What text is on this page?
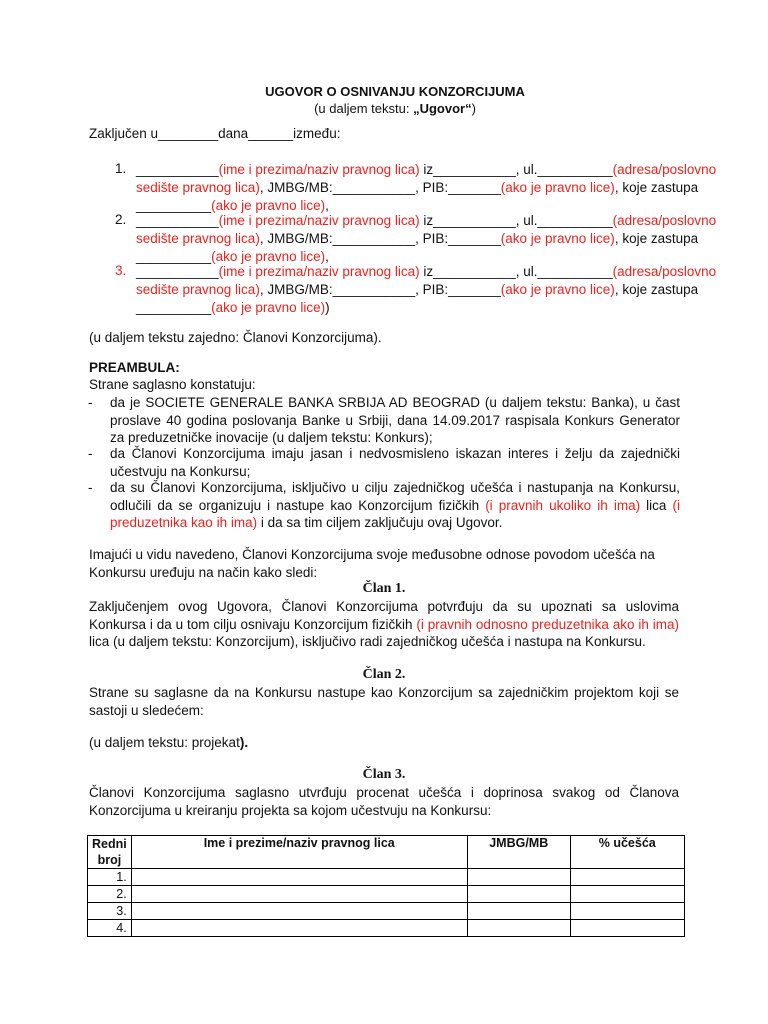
UGOVOR O OSNIVANJU KONZORCIJUMA
(u daljem tekstu: „Ugovor“)
Zaključen u________dana______između:
1. ___________(ime i prezima/naziv pravnog lica) iz___________, ul.__________(adresa/poslovno
sedište pravnog lica), JMBG/MB:___________, PIB:_______(ako je pravno lice), koje zastupa
__________(ako je pravno lice),
2. ___________(ime i prezima/naziv pravnog lica) iz___________, ul.__________(adresa/poslovno
sedište pravnog lica), JMBG/MB:___________, PIB:_______(ako je pravno lice), koje zastupa
__________(ako je pravno lice),
3. ___________(ime i prezima/naziv pravnog lica) iz___________, ul.__________(adresa/poslovno
sedište pravnog lica), JMBG/MB:___________, PIB:_______(ako je pravno lice), koje zastupa
__________(ako je pravno lice))
(u daljem tekstu zajedno: Članovi Konzorcijuma).
PREAMBULA:
Strane saglasno konstatuju:
- da je SOCIETE GENERALE BANKA SRBIJA AD BEOGRAD (u daljem tekstu: Banka), u čast proslave 40 godina poslovanja Banke u Srbiji, dana 14.09.2017 raspisala Konkurs Generator za preduzetničke inovacije (u daljem tekstu: Konkurs);
- da Članovi Konzorcijuma imaju jasan i nedvosmisleno iskazan interes i želju da zajednički učestvuju na Konkursu;
- da su Članovi Konzorcijuma, isključivo u cilju zajedničkog učešća i nastupanja na Konkursu, odlučili da se organizuju i nastupe kao Konzorcijum fizičkih (i pravnih ukoliko ih ima) lica (i preduzetnika kao ih ima) i da sa tim ciljem zaključuju ovaj Ugovor.
Imajući u vidu navedeno, Članovi Konzorcijuma svoje međusobne odnose povodom učešća na Konkursu uređuju na način kako sledi:
Član 1.
Zaključenjem ovog Ugovora, Članovi Konzorcijuma potvrđuju da su upoznati sa uslovima Konkursa i da u tom cilju osnivaju Konzorcijum fizičkih (i pravnih odnosno preduzetnika ako ih ima) lica (u daljem tekstu: Konzorcijum), isključivo radi zajedničkog učešća i nastupa na Konkursu.
Član 2.
Strane su saglasne da na Konkursu nastupe kao Konzorcijum sa zajedničkim projektom koji se sastoji u sledećem:
(u daljem tekstu: projekat).
Član 3.
Članovi Konzorcijuma saglasno utvrđuju procenat učešća i doprinosa svakog od Članova Konzorcijuma u kreiranju projekta sa kojom učestvuju na Konkursu:
Redni broj	Ime i prezime/naziv pravnog lica	JMBG/MB	% učešća
1.			
2.			
3.			
4.			
